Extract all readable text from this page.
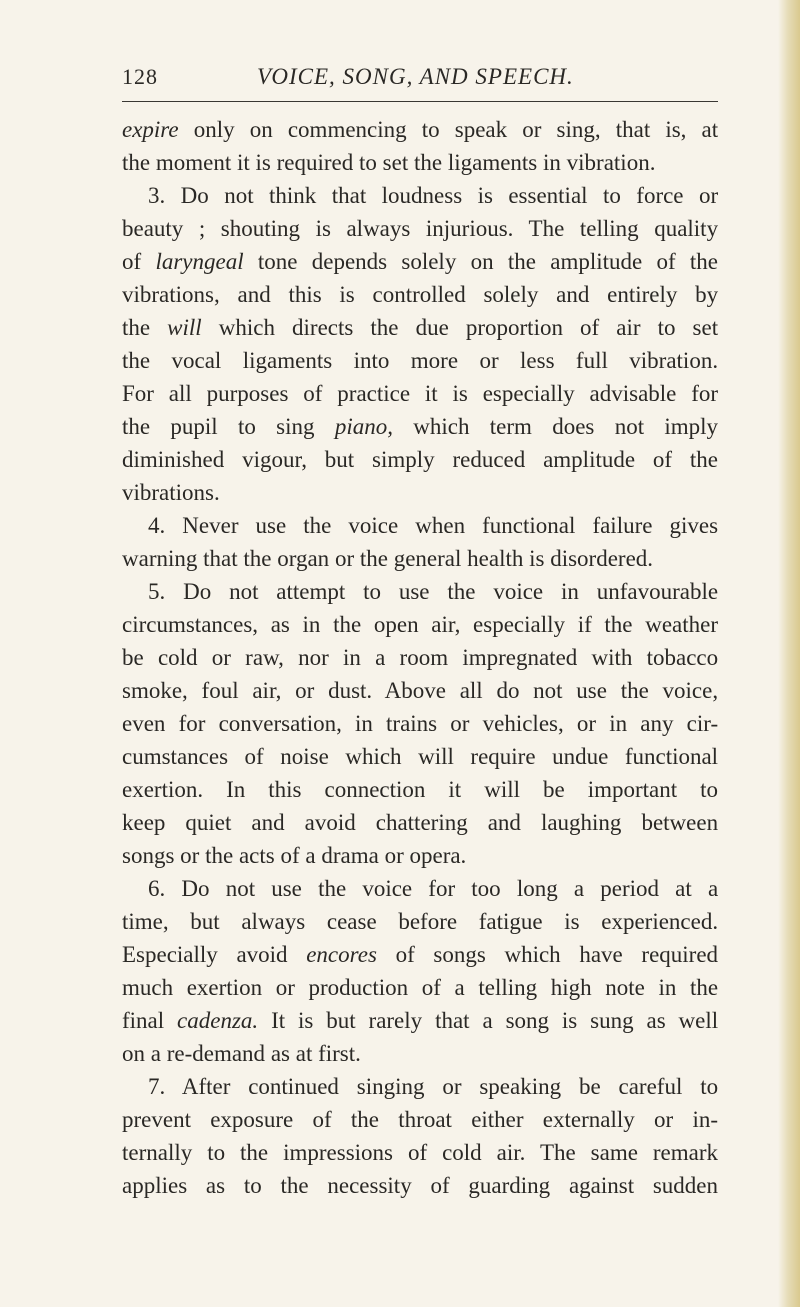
128	VOICE, SONG, AND SPEECH.
expire only on commencing to speak or sing, that is, at
the moment it is required to set the ligaments in vibration.
3. Do not think that loudness is essential to force or
beauty ; shouting is always injurious. The telling quality
of laryngeal tone depends solely on the amplitude of the
vibrations, and this is controlled solely and entirely by
the will which directs the due proportion of air to set
the vocal ligaments into more or less full vibration.
For all purposes of practice it is especially advisable for
the pupil to sing piano, which term does not imply
diminished vigour, but simply reduced amplitude of the
vibrations.
4. Never use the voice when functional failure gives
warning that the organ or the general health is disordered.
5. Do not attempt to use the voice in unfavourable
circumstances, as in the open air, especially if the weather
be cold or raw, nor in a room impregnated with tobacco
smoke, foul air, or dust. Above all do not use the voice,
even for conversation, in trains or vehicles, or in any cir-
cumstances of noise which will require undue functional
exertion. In this connection it will be important to
keep quiet and avoid chattering and laughing between
songs or the acts of a drama or opera.
6. Do not use the voice for too long a period at a
time, but always cease before fatigue is experienced.
Especially avoid encores of songs which have required
much exertion or production of a telling high note in the
final cadenza. It is but rarely that a song is sung as well
on a re-demand as at first.
7. After continued singing or speaking be careful to
prevent exposure of the throat either externally or in-
ternally to the impressions of cold air. The same remark
applies as to the necessity of guarding against sudden
